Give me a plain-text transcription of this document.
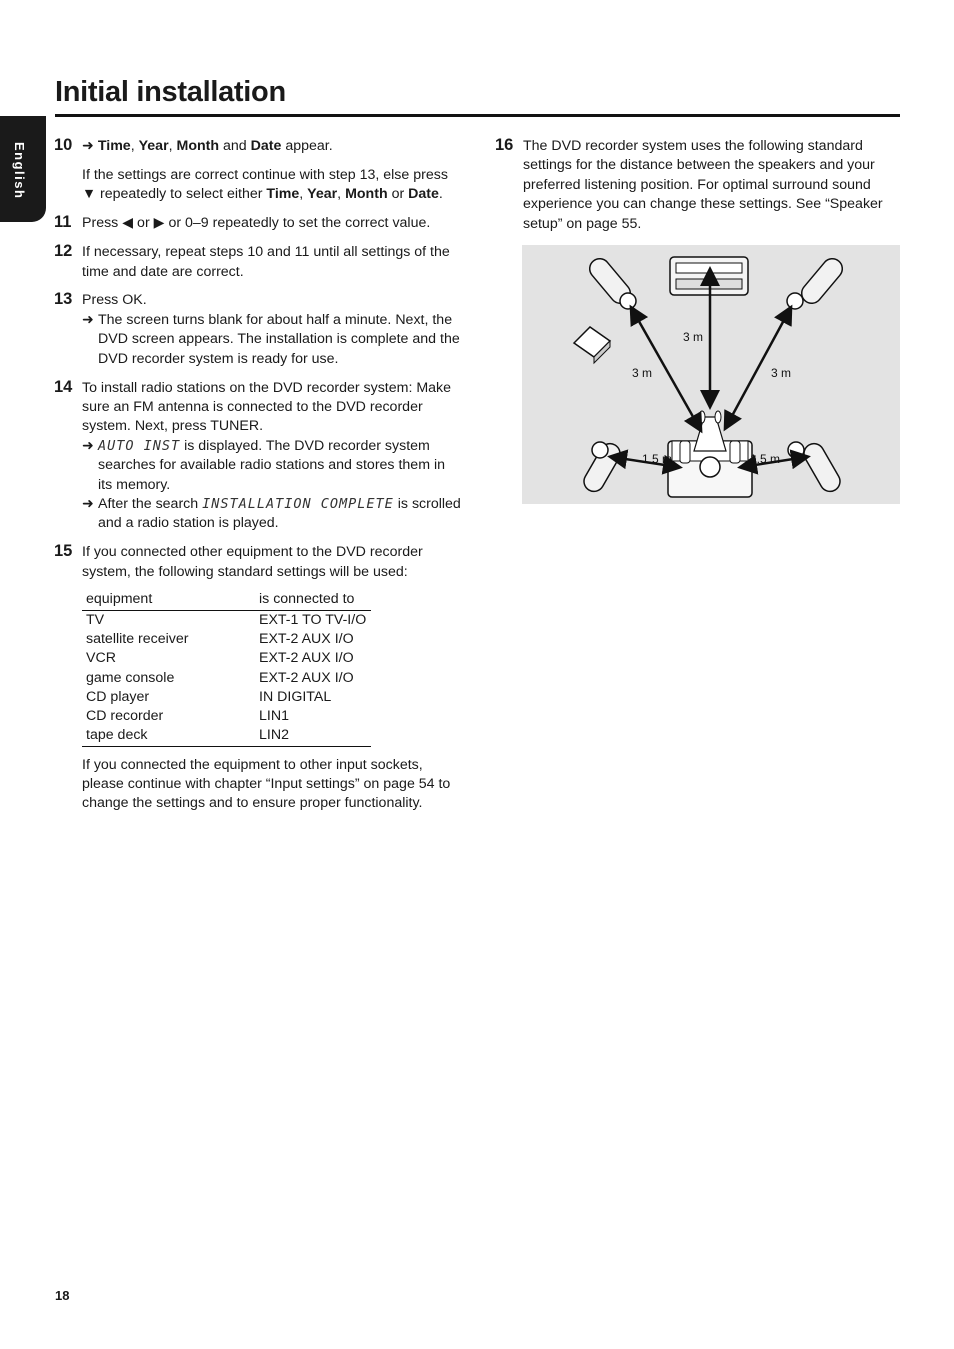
Initial installation
English 10 ➜ Time, Year, Month and Date appear.
If the settings are correct continue with step 13, else press ▼ repeatedly to select either Time, Year, Month or Date.
11 Press ◀ or ▶ or 0–9 repeatedly to set the correct value.
12 If necessary, repeat steps 10 and 11 until all settings of the time and date are correct.
13 Press OK.
➜ The screen turns blank for about half a minute. Next, the DVD screen appears. The installation is complete and the DVD recorder system is ready for use.
14 To install radio stations on the DVD recorder system: Make sure an FM antenna is connected to the DVD recorder system. Next, press TUNER.
➜ AUTO INST is displayed. The DVD recorder system searches for available radio stations and stores them in its memory.
➜ After the search INSTALLATION COMPLETE is scrolled and a radio station is played.
15 If you connected other equipment to the DVD recorder system, the following standard settings will be used:
equipment	is connected to
TV	EXT-1 TO TV-I/O
satellite receiver	EXT-2 AUX I/O
VCR	EXT-2 AUX I/O
game console	EXT-2 AUX I/O
CD player	IN DIGITAL
CD recorder	LIN1
tape deck	LIN2
If you connected the equipment to other input sockets, please continue with chapter “Input settings” on page 54 to change the settings and to ensure proper functionality.
16 The DVD recorder system uses the following standard settings for the distance between the speakers and your preferred listening position. For optimal surround sound experience you can change these settings. See “Speaker setup” on page 55.
3 m
3 m	3 m
1.5 m	1.5 m
18
